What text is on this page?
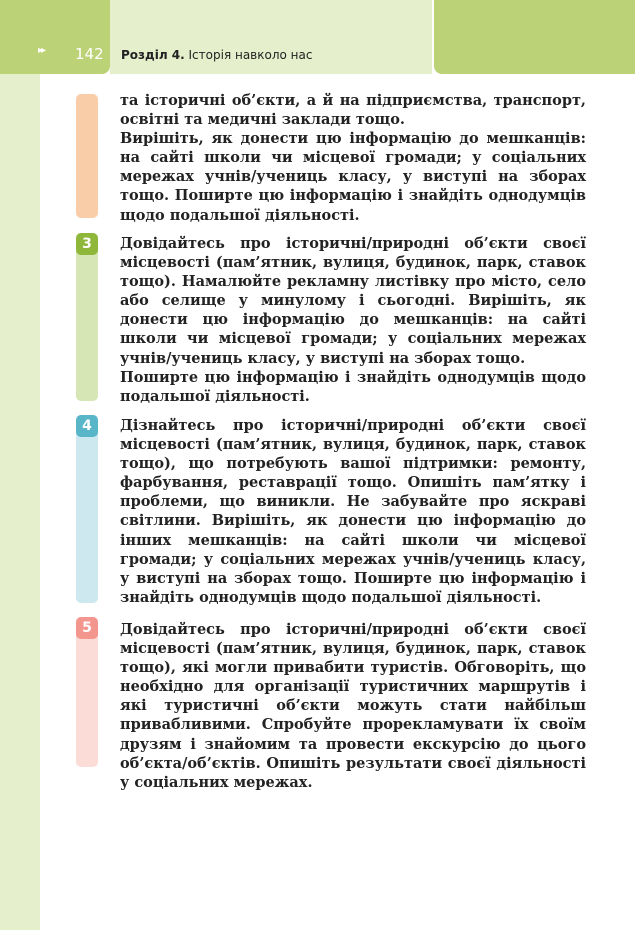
▸▸ 142 Розділ 4. Історія навколо нас

та історичні об’єкти, а й на підприємства, транспорт, освітні та медичні заклади тощо.

Вирішіть, як донести цю інформацію до мешканців: на сайті школи чи місцевої громади; у соціальних мережах учнів/учениць класу, у виступі на зборах тощо. Поширте цю інформацію і знайдіть однодумців щодо подальшої діяльності.

3	Довідайтесь про історичні/природні об’єкти своєї місцевості (пам’ятник, вулиця, будинок, парк, ставок тощо). Намалюйте рекламну листівку про місто, село або селище у минулому і сьогодні. Вирішіть, як донести цю інформацію до мешканців: на сайті школи чи місцевої громади; у соціальних мережах учнів/учениць класу, у виступі на зборах тощо.

Поширте цю інформацію і знайдіть однодумців щодо подальшої діяльності.

4	Дізнайтесь про історичні/природні об’єкти своєї місцевості (пам’ятник, вулиця, будинок, парк, ставок тощо), що потребують вашої підтримки: ремонту, фарбування, реставрації тощо. Опишіть пам’ятку і проблеми, що виникли. Не забувайте про яскраві світлини. Вирішіть, як донести цю інформацію до інших мешканців: на сайті школи чи місцевої громади; у соціальних мережах учнів/учениць класу, у виступі на зборах тощо. Поширте цю інформацію і знайдіть однодумців щодо подальшої діяльності.

5	Довідайтесь про історичні/природні об’єкти своєї місцевості (пам’ятник, вулиця, будинок, парк, ставок тощо), які могли привабити туристів. Обговоріть, що необхідно для організації туристичних маршрутів і які туристичні об’єкти можуть стати найбільш привабливими. Спробуйте прорекламувати їх своїм друзям і знайомим та провести екскурсію до цього об’єкта/об’єктів. Опишіть результати своєї діяльності у соціальних мережах.
